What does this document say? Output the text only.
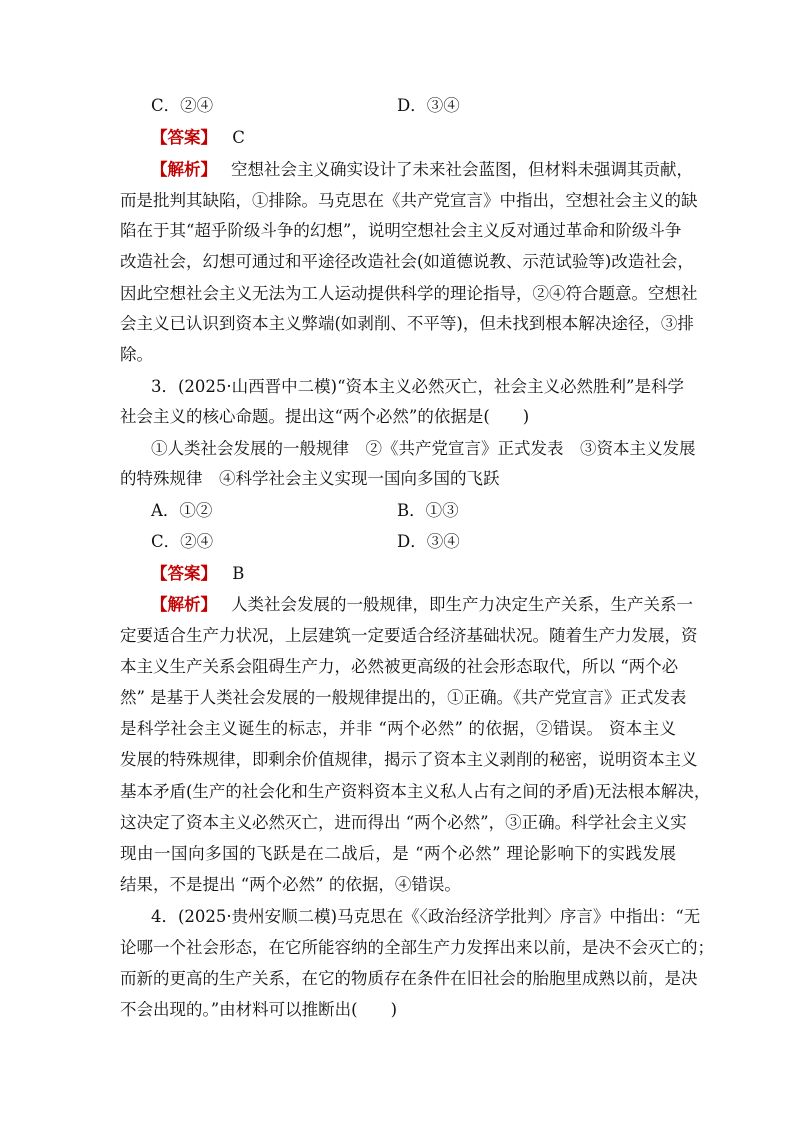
C．②④	D．③④
【答案】 C
【解析】 空想社会主义确实设计了未来社会蓝图，但材料未强调其贡献，
而是批判其缺陷，①排除。马克思在《共产党宣言》中指出，空想社会主义的缺
陷在于其“超乎阶级斗争的幻想”，说明空想社会主义反对通过革命和阶级斗争
改造社会，幻想可通过和平途径改造社会(如道德说教、示范试验等)改造社会，
因此空想社会主义无法为工人运动提供科学的理论指导，②④符合题意。空想社
会主义已认识到资本主义弊端(如剥削、不平等)，但未找到根本解决途径，③排
除。
3．(2025·山西晋中二模)“资本主义必然灭亡，社会主义必然胜利”是科学
社会主义的核心命题。提出这“两个必然”的依据是(　　)
①人类社会发展的一般规律　②《共产党宣言》正式发表　③资本主义发展
的特殊规律　④科学社会主义实现一国向多国的飞跃
A．①②	B．①③
C．②④	D．③④
【答案】 B
【解析】 人类社会发展的一般规律，即生产力决定生产关系，生产关系一
定要适合生产力状况，上层建筑一定要适合经济基础状况。随着生产力发展，资
本主义生产关系会阻碍生产力，必然被更高级的社会形态取代，所以 “两个必
然” 是基于人类社会发展的一般规律提出的，①正确。《共产党宣言》正式发表
是科学社会主义诞生的标志，并非 “两个必然” 的依据，②错误。 资本主义
发展的特殊规律，即剩余价值规律，揭示了资本主义剥削的秘密，说明资本主义
基本矛盾(生产的社会化和生产资料资本主义私人占有之间的矛盾)无法根本解决，
这决定了资本主义必然灭亡，进而得出 “两个必然”，③正确。科学社会主义实
现由一国向多国的飞跃是在二战后，是 “两个必然” 理论影响下的实践发展
结果，不是提出 “两个必然” 的依据，④错误。
4．(2025·贵州安顺二模)马克思在《〈政治经济学批判〉序言》中指出：“无
论哪一个社会形态，在它所能容纳的全部生产力发挥出来以前，是决不会灭亡的；
而新的更高的生产关系，在它的物质存在条件在旧社会的胎胞里成熟以前，是决
不会出现的。”由材料可以推断出(　　)
